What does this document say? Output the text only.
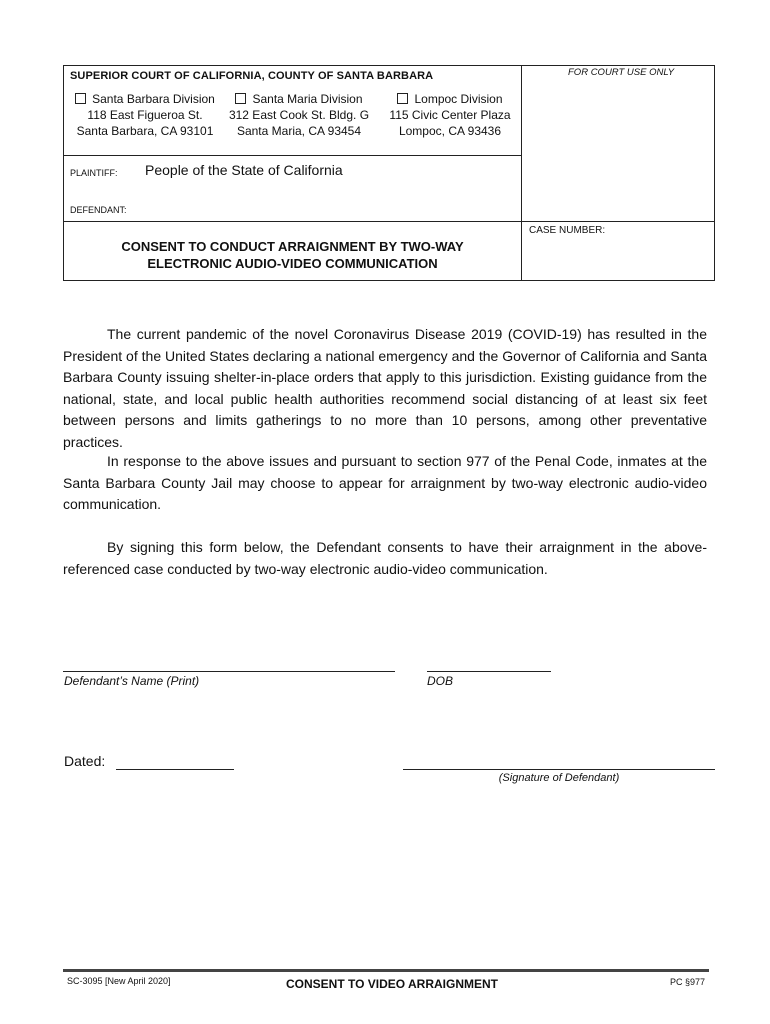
SUPERIOR COURT OF CALIFORNIA, COUNTY OF SANTA BARBARA	FOR COURT USE ONLY
Santa Barbara Division
118 East Figueroa St.
Santa Barbara, CA 93101
Santa Maria Division
312 East Cook St. Bldg. G
Santa Maria, CA 93454
Lompoc Division
115 Civic Center Plaza
Lompoc, CA 93436
PLAINTIFF: People of the State of California
DEFENDANT:
CASE NUMBER:
CONSENT TO CONDUCT ARRAIGNMENT BY TWO-WAY
ELECTRONIC AUDIO-VIDEO COMMUNICATION
The current pandemic of the novel Coronavirus Disease 2019 (COVID-19) has resulted in the President of the United States declaring a national emergency and the Governor of California and Santa Barbara County issuing shelter-in-place orders that apply to this jurisdiction. Existing guidance from the national, state, and local public health authorities recommend social distancing of at least six feet between persons and limits gatherings to no more than 10 persons, among other preventative practices.
In response to the above issues and pursuant to section 977 of the Penal Code, inmates at the Santa Barbara County Jail may choose to appear for arraignment by two-way electronic audio-video communication.
By signing this form below, the Defendant consents to have their arraignment in the above-referenced case conducted by two-way electronic audio-video communication.
Defendant’s Name (Print)	DOB
Dated:
(Signature of Defendant)
SC-3095 [New April 2020]	CONSENT TO VIDEO ARRAIGNMENT	PC §977
